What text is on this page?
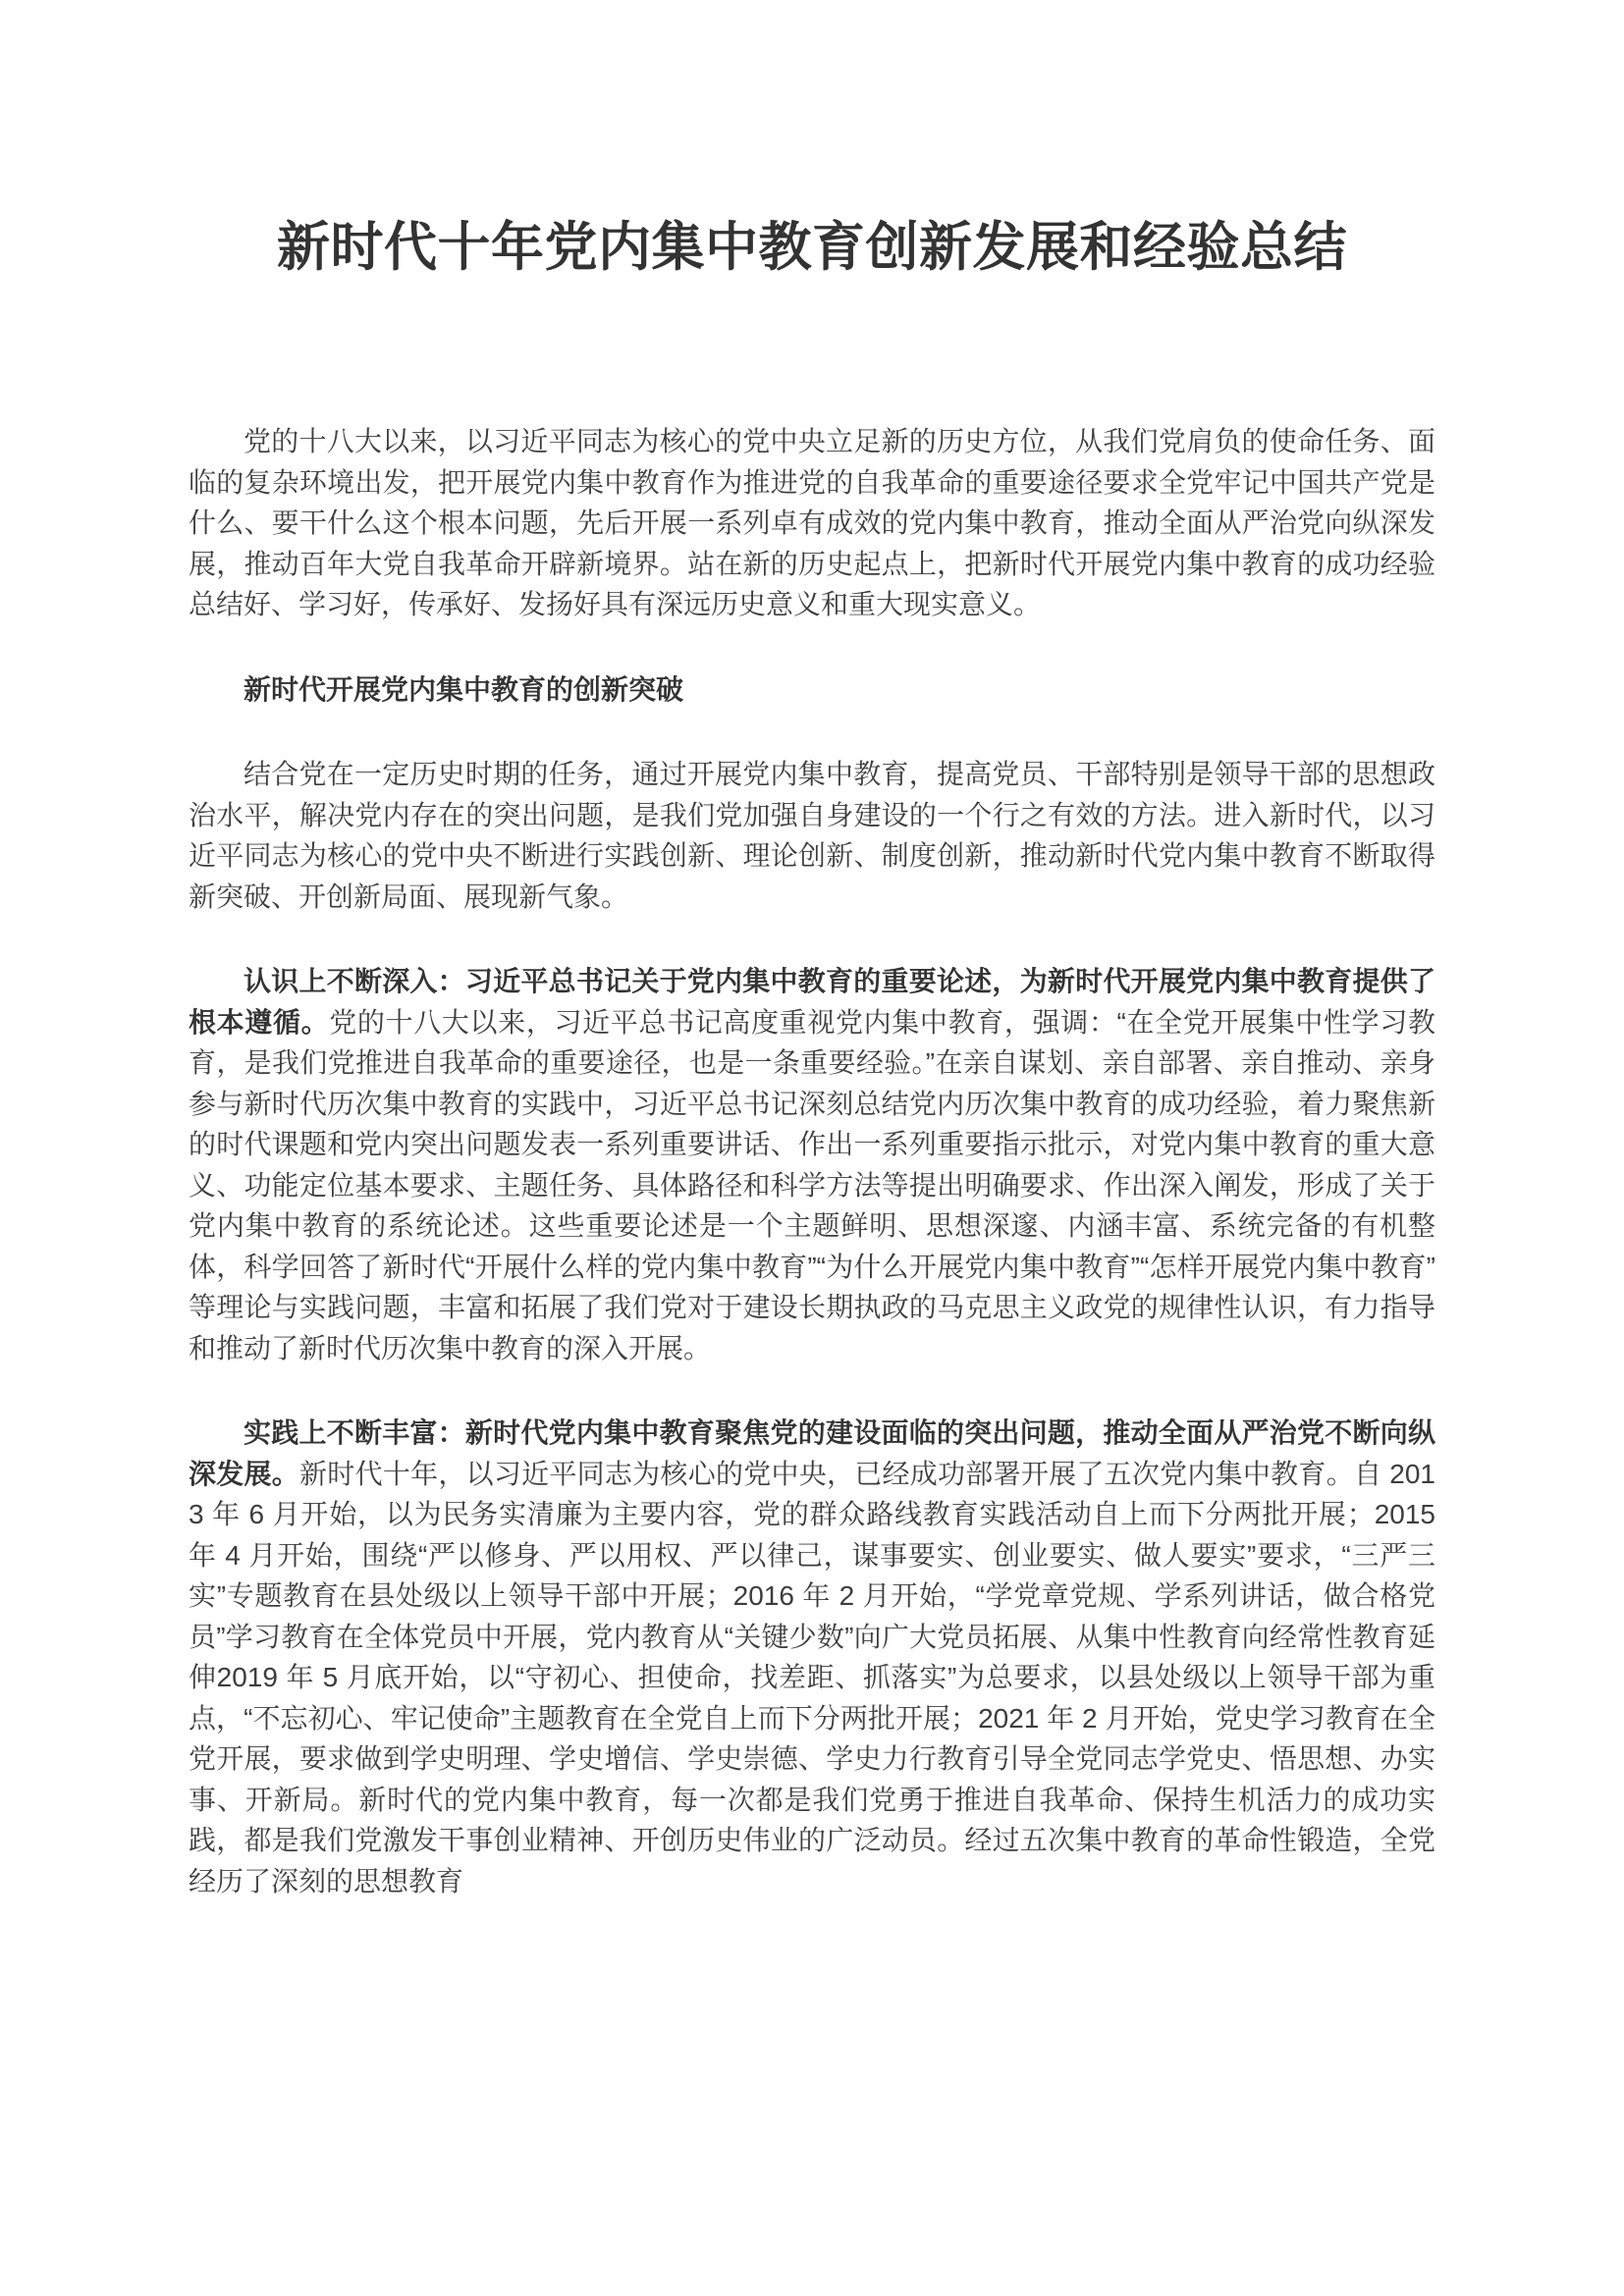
新时代十年党内集中教育创新发展和经验总结

党的十八大以来，以习近平同志为核心的党中央立足新的历史方位，从我们党肩负的使命任务、面临的复杂环境出发，把开展党内集中教育作为推进党的自我革命的重要途径要求全党牢记中国共产党是什么、要干什么这个根本问题，先后开展一系列卓有成效的党内集中教育，推动全面从严治党向纵深发展，推动百年大党自我革命开辟新境界。站在新的历史起点上，把新时代开展党内集中教育的成功经验总结好、学习好，传承好、发扬好具有深远历史意义和重大现实意义。

新时代开展党内集中教育的创新突破

结合党在一定历史时期的任务，通过开展党内集中教育，提高党员、干部特别是领导干部的思想政治水平，解决党内存在的突出问题，是我们党加强自身建设的一个行之有效的方法。进入新时代，以习近平同志为核心的党中央不断进行实践创新、理论创新、制度创新，推动新时代党内集中教育不断取得新突破、开创新局面、展现新气象。

认识上不断深入：习近平总书记关于党内集中教育的重要论述，为新时代开展党内集中教育提供了根本遵循。党的十八大以来，习近平总书记高度重视党内集中教育，强调：“在全党开展集中性学习教育，是我们党推进自我革命的重要途径，也是一条重要经验。”在亲自谋划、亲自部署、亲自推动、亲身参与新时代历次集中教育的实践中，习近平总书记深刻总结党内历次集中教育的成功经验，着力聚焦新的时代课题和党内突出问题发表一系列重要讲话、作出一系列重要指示批示，对党内集中教育的重大意义、功能定位基本要求、主题任务、具体路径和科学方法等提出明确要求、作出深入阐发，形成了关于党内集中教育的系统论述。这些重要论述是一个主题鲜明、思想深邃、内涵丰富、系统完备的有机整体，科学回答了新时代“开展什么样的党内集中教育”“为什么开展党内集中教育”“怎样开展党内集中教育”等理论与实践问题，丰富和拓展了我们党对于建设长期执政的马克思主义政党的规律性认识，有力指导和推动了新时代历次集中教育的深入开展。

实践上不断丰富：新时代党内集中教育聚焦党的建设面临的突出问题，推动全面从严治党不断向纵深发展。新时代十年，以习近平同志为核心的党中央，已经成功部署开展了五次党内集中教育。自 2013 年 6 月开始，以为民务实清廉为主要内容，党的群众路线教育实践活动自上而下分两批开展；2015 年 4 月开始，围绕“严以修身、严以用权、严以律己，谋事要实、创业要实、做人要实”要求，“三严三实”专题教育在县处级以上领导干部中开展；2016 年 2 月开始，“学党章党规、学系列讲话，做合格党员”学习教育在全体党员中开展，党内教育从“关键少数”向广大党员拓展、从集中性教育向经常性教育延伸2019 年 5 月底开始，以“守初心、担使命，找差距、抓落实”为总要求，以县处级以上领导干部为重点，“不忘初心、牢记使命”主题教育在全党自上而下分两批开展；2021 年 2 月开始，党史学习教育在全党开展，要求做到学史明理、学史增信、学史崇德、学史力行教育引导全党同志学党史、悟思想、办实事、开新局。新时代的党内集中教育，每一次都是我们党勇于推进自我革命、保持生机活力的成功实践，都是我们党激发干事创业精神、开创历史伟业的广泛动员。经过五次集中教育的革命性锻造，全党经历了深刻的思想教育
